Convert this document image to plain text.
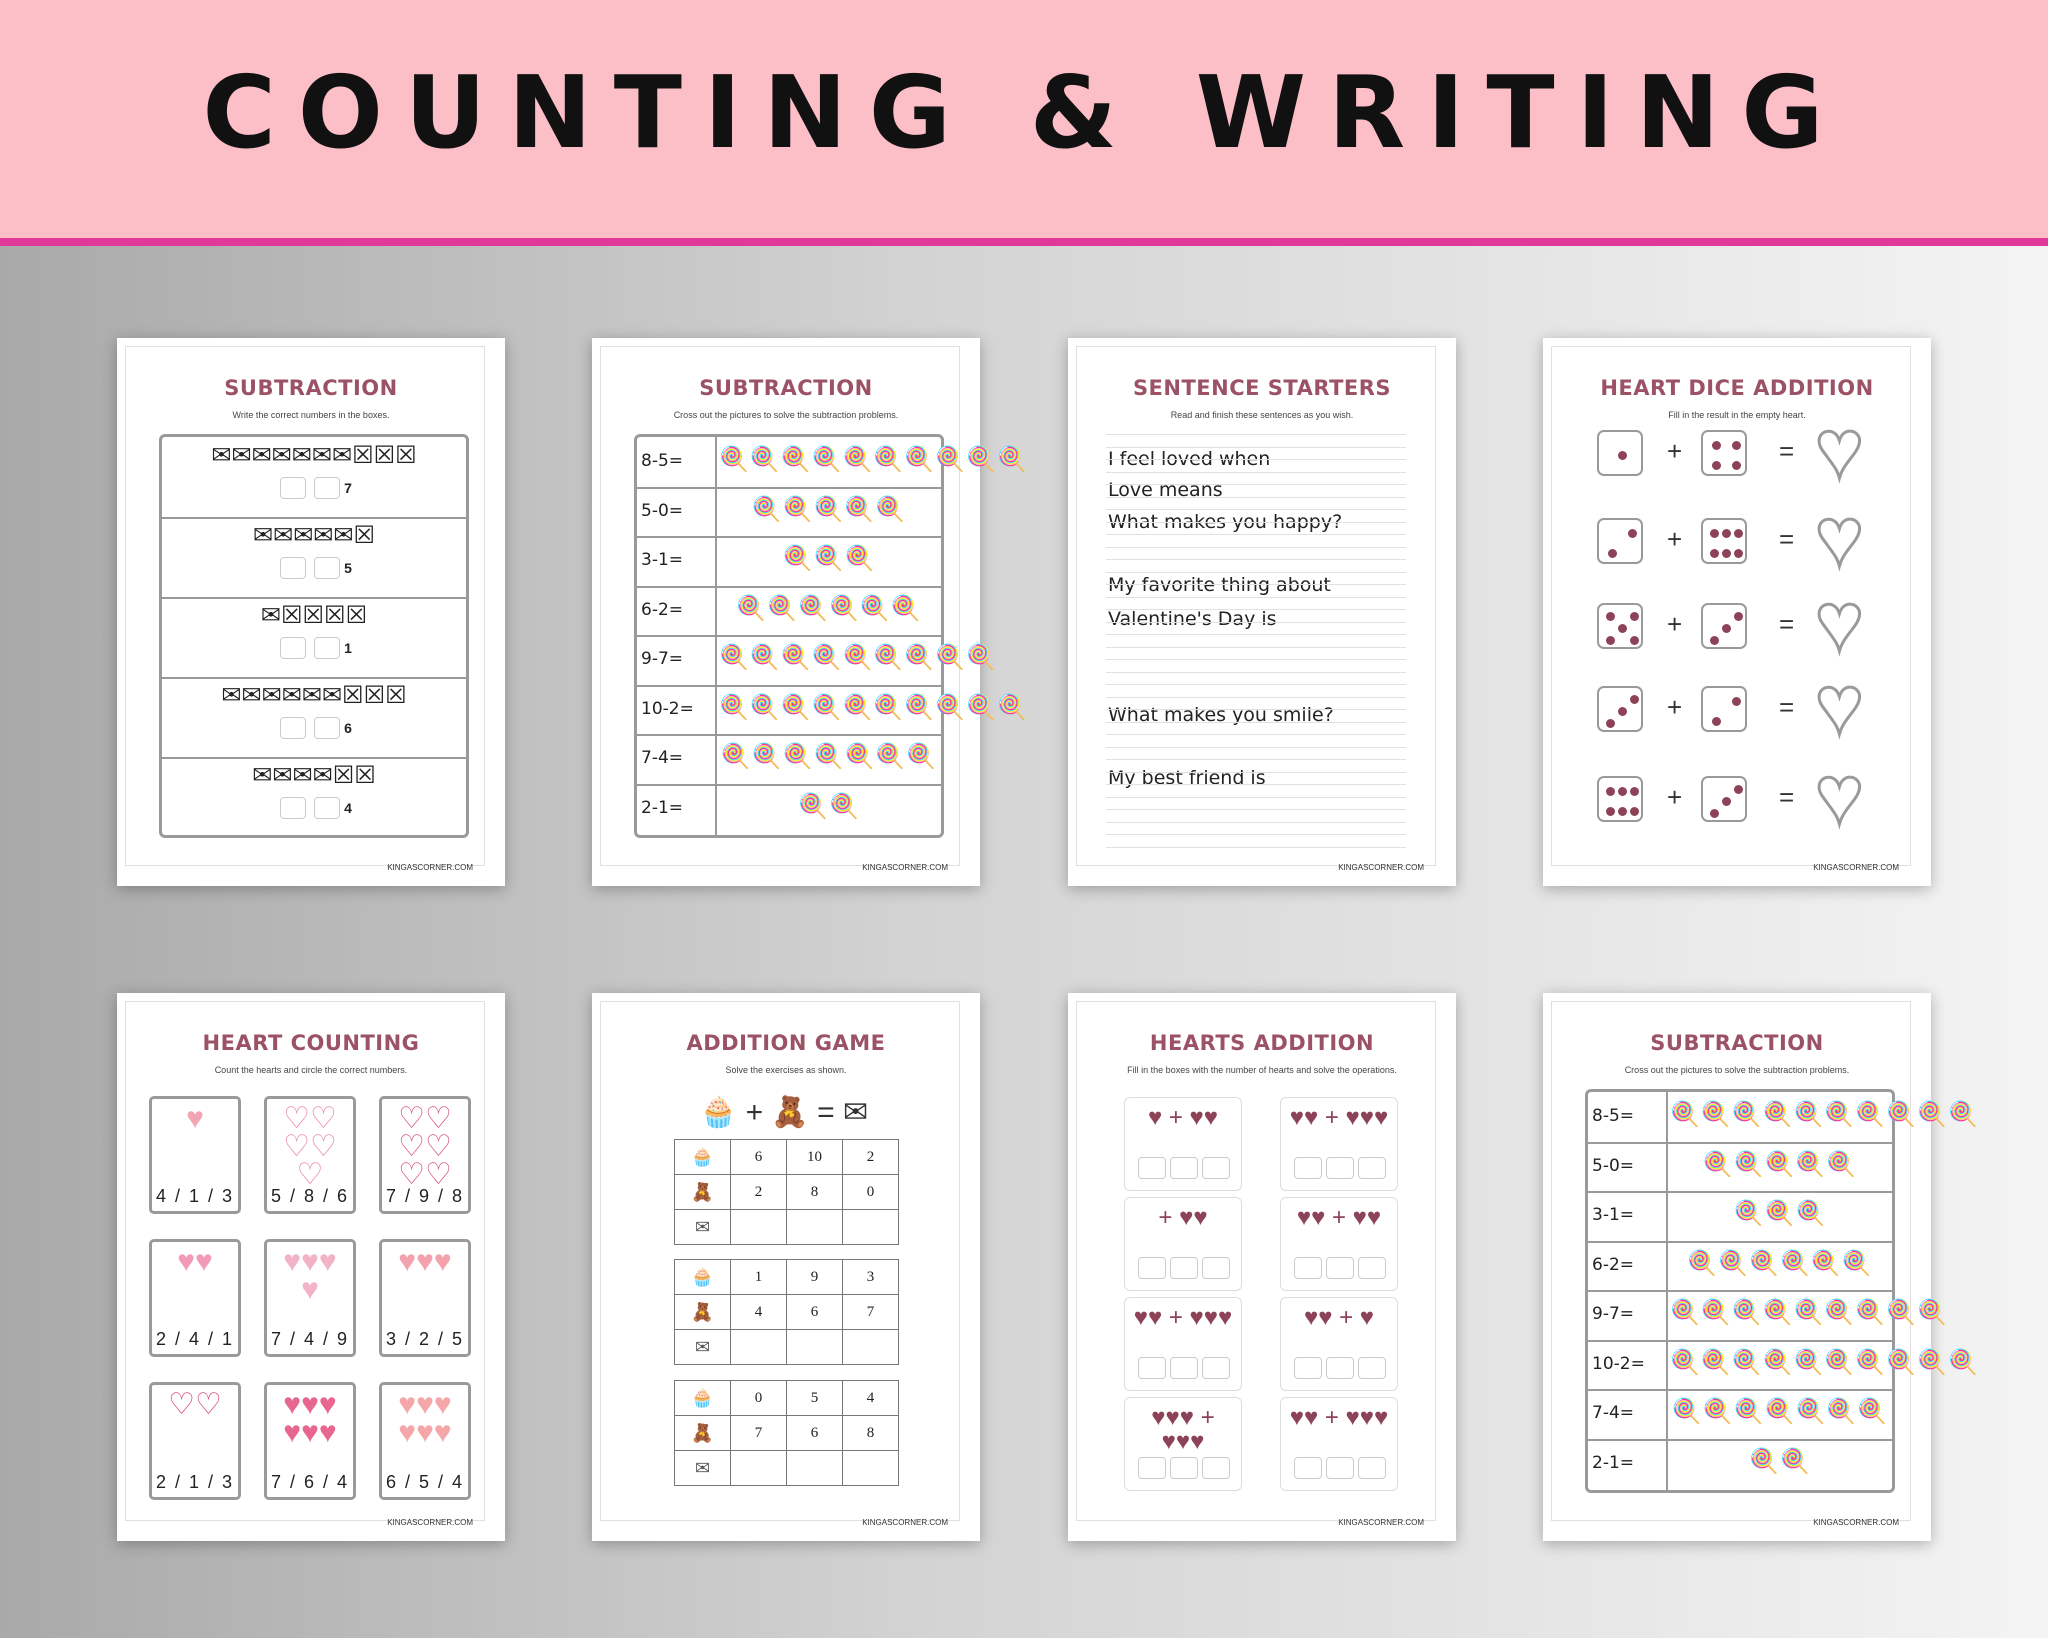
COUNTING & WRITING
SUBTRACTION
Write the correct numbers in the boxes.
✉✉✉✉✉✉✉☒☒☒
7
✉✉✉✉✉☒
5
✉☒☒☒☒
1
✉✉✉✉✉✉☒☒☒
6
✉✉✉✉☒☒
4
KINGASCORNER.COM
SUBTRACTION
Cross out the pictures to solve the subtraction problems.
8-5= 🍭🍭🍭🍭🍭🍭🍭🍭🍭🍭
5-0=	🍭🍭🍭🍭🍭
3-1=	🍭🍭🍭
6-2=	🍭🍭🍭🍭🍭🍭
9-7= 🍭🍭🍭🍭🍭🍭🍭🍭🍭
10-2= 🍭🍭🍭🍭🍭🍭🍭🍭🍭🍭
7-4= 🍭🍭🍭🍭🍭🍭🍭
2-1=	🍭🍭
KINGASCORNER.COM
SENTENCE STARTERS
Read and finish these sentences as you wish.
I feel loved when
Love means
What makes you happy?
My favorite thing about
Valentine's Day is
What makes you smile?
My best friend is
KINGASCORNER.COM
HEART DICE ADDITION
Fill in the result in the empty heart.
KINGASCORNER.COM
+	= ♥
+	= ♥
+	= ♥
+	= ♥
+	= ♥
HEART COUNTING
Count the hearts and circle the correct numbers.
KINGASCORNER.COM
♥
4 / 1 / 3
♡♡♡♡♡
5 / 8 / 6
♡♡♡♡♡♡
7 / 9 / 8
♥♥
2 / 4 / 1
♥♥♥♥
7 / 4 / 9
♥♥♥
3 / 2 / 5
♡♡
2 / 1 / 3
♥♥♥♥♥♥
7 / 6 / 4
♥♥♥♥♥♥
6 / 5 / 4
ADDITION GAME
Solve the exercises as shown.
🧁 + 🧸 = ✉
KINGASCORNER.COM
🧁	6	10	2
🧸	2	8	0
✉			
🧁	1	9	3
🧸	4	6	7
✉			
🧁	0	5	4
🧸	7	6	8
✉			
HEARTS ADDITION
Fill in the boxes with the number of hearts and solve the operations.
KINGASCORNER.COM
♥ + ♥♥	♥♥ + ♥♥♥
+ ♥♥	♥♥ + ♥♥
♥♥ + ♥♥♥	♥♥ + ♥
♥♥♥ + ♥♥♥
♥♥ + ♥♥♥
SUBTRACTION
Cross out the pictures to solve the subtraction problems.
8-5= 🍭🍭🍭🍭🍭🍭🍭🍭🍭🍭
5-0=	🍭🍭🍭🍭🍭
3-1=	🍭🍭🍭
6-2=	🍭🍭🍭🍭🍭🍭
9-7= 🍭🍭🍭🍭🍭🍭🍭🍭🍭
10-2= 🍭🍭🍭🍭🍭🍭🍭🍭🍭🍭
7-4= 🍭🍭🍭🍭🍭🍭🍭
2-1=	🍭🍭
KINGASCORNER.COM
